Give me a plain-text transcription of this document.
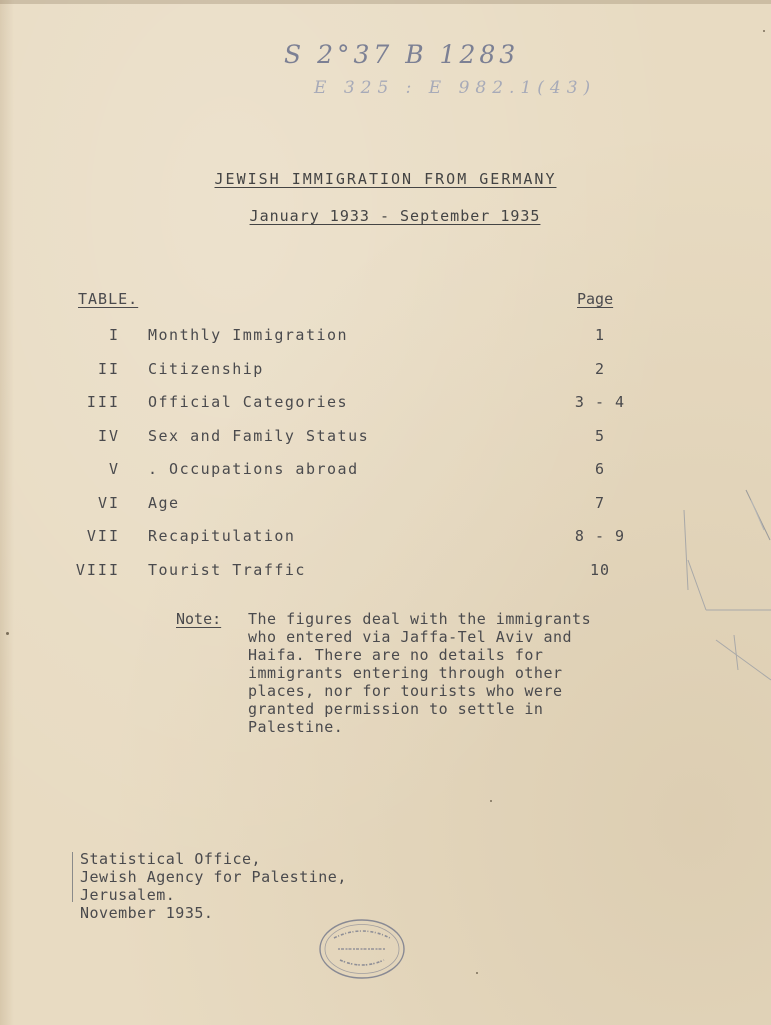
S 2°37 B 1283
E 325 : E 982.1(43)
JEWISH IMMIGRATION FROM GERMANY
January 1933 - September 1935
TABLE.	Page
I Monthly Immigration	1
II Citizenship	2
III Official Categories	3 - 4
IV Sex and Family Status	5
V . Occupations abroad	6
VI Age	7
VII Recapitulation	8 - 9
VIII Tourist Traffic	10
Note: The figures deal with the immigrants
who entered via Jaffa-Tel Aviv and
Haifa. There are no details for
immigrants entering through other
places, nor for tourists who were
granted permission to settle in
Palestine.
Statistical Office,
Jewish Agency for Palestine,
Jerusalem.
November 1935.
